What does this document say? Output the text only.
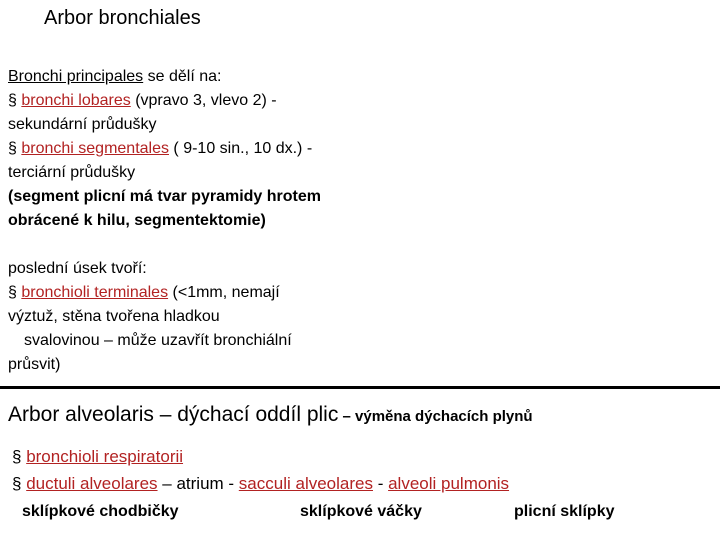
Arbor bronchiales
Bronchi principales se dělí na:
§ bronchi lobares (vpravo 3, vlevo 2) -
sekundární průdušky
§ bronchi segmentales ( 9-10 sin., 10 dx.) -
terciární průdušky
(segment plicní má tvar pyramidy hrotem
obrácené k hilu, segmentektomie)
poslední úsek tvoří:
§ bronchioli terminales (<1mm, nemají
výztuž, stěna tvořena hladkou
svalovinou – může uzavřít bronchiální
průsvit)
Arbor alveolaris – dýchací oddíl plic – výměna dýchacích plynů
§ bronchioli respiratorii
§ ductuli alveolares – atrium - sacculi alveolares - alveoli pulmonis
sklípkové chodbičky	sklípkové váčky	plicní sklípky
